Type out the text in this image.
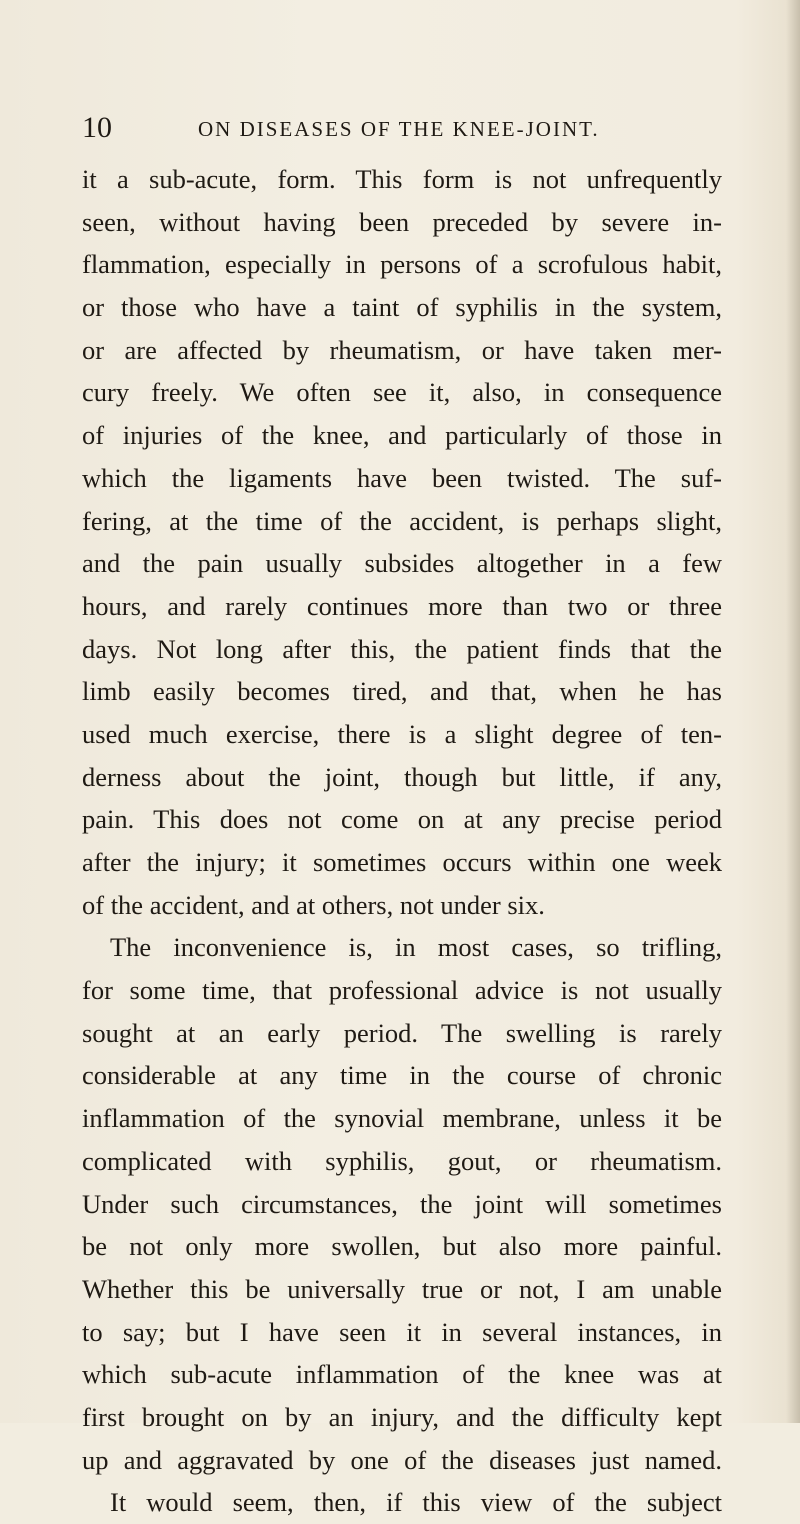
10	ON DISEASES OF THE KNEE-JOINT.
it a sub-acute, form. This form is not unfrequently
seen, without having been preceded by severe in-
flammation, especially in persons of a scrofulous habit,
or those who have a taint of syphilis in the system,
or are affected by rheumatism, or have taken mer-
cury freely. We often see it, also, in consequence
of injuries of the knee, and particularly of those in
which the ligaments have been twisted. The suf-
fering, at the time of the accident, is perhaps slight,
and the pain usually subsides altogether in a few
hours, and rarely continues more than two or three
days. Not long after this, the patient finds that the
limb easily becomes tired, and that, when he has
used much exercise, there is a slight degree of ten-
derness about the joint, though but little, if any,
pain. This does not come on at any precise period
after the injury; it sometimes occurs within one week
of the accident, and at others, not under six.
The inconvenience is, in most cases, so trifling,
for some time, that professional advice is not usually
sought at an early period. The swelling is rarely
considerable at any time in the course of chronic
inflammation of the synovial membrane, unless it be
complicated with syphilis, gout, or rheumatism.
Under such circumstances, the joint will sometimes
be not only more swollen, but also more painful.
Whether this be universally true or not, I am unable
to say; but I have seen it in several instances, in
which sub-acute inflammation of the knee was at
first brought on by an injury, and the difficulty kept
up and aggravated by one of the diseases just named.
It would seem, then, if this view of the subject
